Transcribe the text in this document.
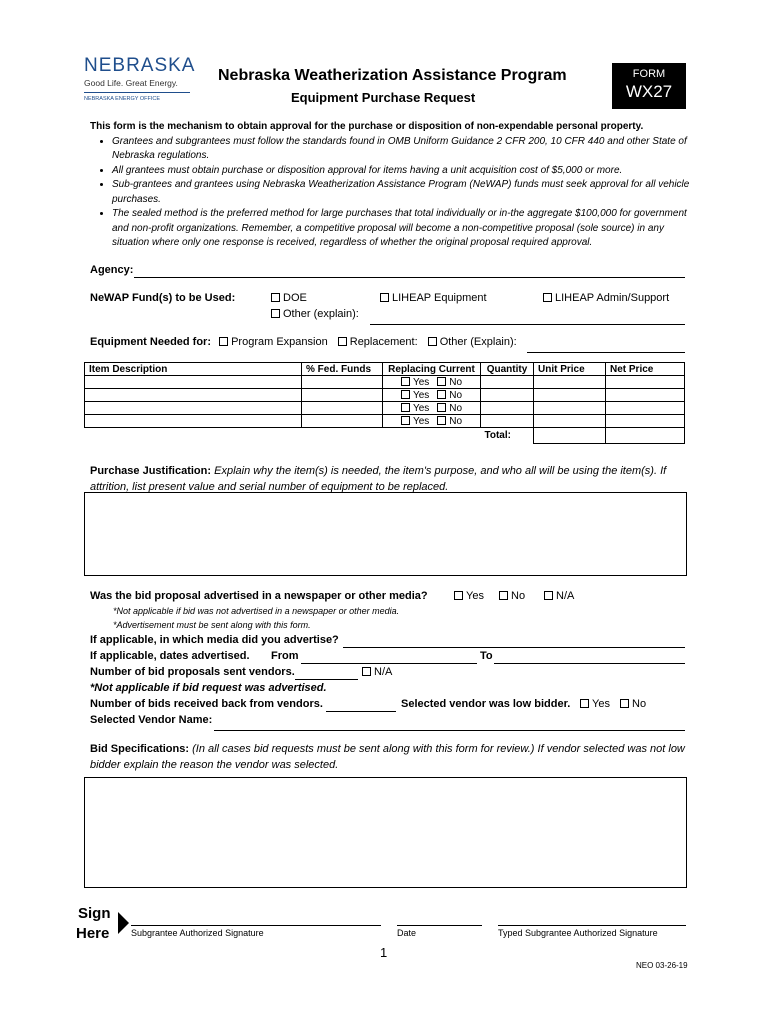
NEBRASKA
Good Life. Great Energy.
NEBRASKA ENERGY OFFICE
Nebraska Weatherization Assistance Program
Equipment Purchase Request
FORM
WX27
This form is the mechanism to obtain approval for the purchase or disposition of non-expendable personal property.
• Grantees and subgrantees must follow the standards found in OMB Uniform Guidance 2 CFR 200, 10 CFR 440 and other State of Nebraska regulations.
• All grantees must obtain purchase or disposition approval for items having a unit acquisition cost of $5,000 or more.
• Sub-grantees and grantees using Nebraska Weatherization Assistance Program (NeWAP) funds must seek approval for all vehicle purchases.
• The sealed method is the preferred method for large purchases that total individually or in-the aggregate $100,000 for government and non-profit organizations. Remember, a competitive proposal will become a non-competitive proposal (sole source) in any situation where only one response is received, regardless of whether the original proposal required approval.
Agency:
NeWAP Fund(s) to be Used:	DOE	LIHEAP Equipment	LIHEAP Admin/Support
Other (explain):
Equipment Needed for: Program Expansion Replacement: Other (Explain):
Item Description	% Fed. Funds	Replacing Current	Quantity	Unit Price	Net Price
		Yes No			
		Yes No			
		Yes No			
		Yes No			
			Total:		
Purchase Justification: Explain why the item(s) is needed, the item's purpose, and who all will be using the item(s). If attrition, list present value and serial number of equipment to be replaced.
Was the bid proposal advertised in a newspaper or other media?	Yes	No	N/A
*Not applicable if bid was not advertised in a newspaper or other media.
*Advertisement must be sent along with this form.
If applicable, in which media did you advertise?
If applicable, dates advertised. From	To
Number of bid proposals sent vendors.	N/A
*Not applicable if bid request was advertised.
Number of bids received back from vendors.	Selected vendor was low bidder.	Yes	No
Selected Vendor Name:
Bid Specifications: (In all cases bid requests must be sent along with this form for review.) If vendor selected was not low bidder explain the reason the vendor was selected.
Sign
Here Subgrantee Authorized Signature	Date	Typed Subgrantee Authorized Signature
1
NEO 03-26-19
